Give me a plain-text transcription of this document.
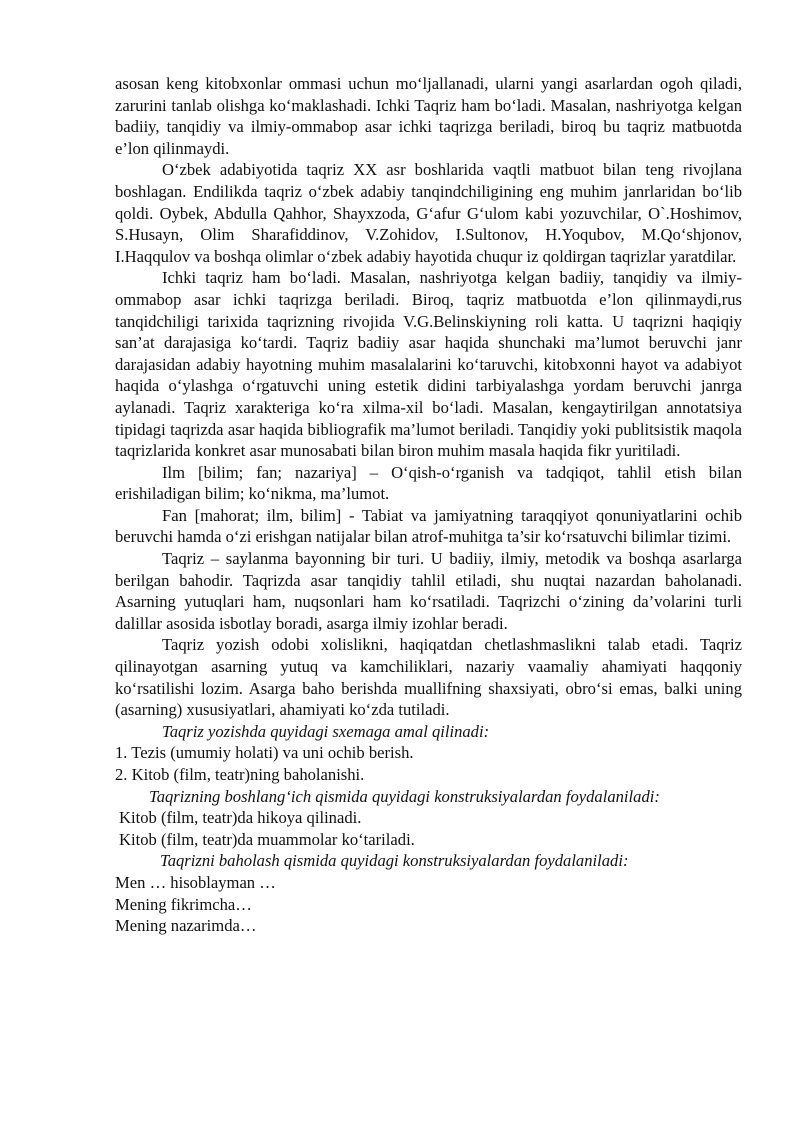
asosan keng kitobxonlar ommasi uchun mo‘ljallanadi, ularni yangi asarlardan ogoh qiladi, zarurini tanlab olishga ko‘maklashadi. Ichki Taqriz ham bo‘ladi. Masalan, nashriyotga kelgan badiiy, tanqidiy va ilmiy-ommabop asar ichki taqrizga beriladi, biroq bu taqriz matbuotda e’lon qilinmaydi.

O‘zbek adabiyotida taqriz XX asr boshlarida vaqtli matbuot bilan teng rivojlana boshlagan. Endilikda taqriz o‘zbek adabiy tanqindchiligining eng muhim janrlaridan bo‘lib qoldi. Oybek, Abdulla Qahhor, Shayxzoda, G‘afur G‘ulom kabi yozuvchilar, O`.Hoshimov, S.Husayn, Olim Sharafiddinov, V.Zohidov, I.Sultonov, H.Yoqubov, M.Qo‘shjonov, I.Haqqulov va boshqa olimlar o‘zbek adabiy hayotida chuqur iz qoldirgan taqrizlar yaratdilar.

Ichki taqriz ham bo‘ladi. Masalan, nashriyotga kelgan badiiy, tanqidiy va ilmiy-ommabop asar ichki taqrizga beriladi. Biroq, taqriz matbuotda e’lon qilinmaydi,rus tanqidchiligi tarixida taqrizning rivojida V.G.Belinskiyning roli katta. U taqrizni haqiqiy san’at darajasiga ko‘tardi. Taqriz badiiy asar haqida shunchaki ma’lumot beruvchi janr darajasidan adabiy hayotning muhim masalalarini ko‘taruvchi, kitobxonni hayot va adabiyot haqida o‘ylashga o‘rgatuvchi uning estetik didini tarbiyalashga yordam beruvchi janrga aylanadi. Taqriz xarakteriga ko‘ra xilma-xil bo‘ladi. Masalan, kengaytirilgan annotatsiya tipidagi taqrizda asar haqida bibliografik ma’lumot beriladi. Tanqidiy yoki publitsistik maqola taqrizlarida konkret asar munosabati bilan biron muhim masala haqida fikr yuritiladi.

Ilm [bilim; fan; nazariya] – O‘qish-o‘rganish va tadqiqot, tahlil etish bilan erishiladigan bilim; ko‘nikma, ma’lumot.

Fan [mahorat; ilm, bilim] - Tabiat va jamiyatning taraqqiyot qonuniyatlarini ochib beruvchi hamda o‘zi erishgan natijalar bilan atrof-muhitga ta’sir ko‘rsatuvchi bilimlar tizimi.

Taqriz – saylanma bayonning bir turi. U badiiy, ilmiy, metodik va boshqa asarlarga berilgan bahodir. Taqrizda asar tanqidiy tahlil etiladi, shu nuqtai nazardan baholanadi. Asarning yutuqlari ham, nuqsonlari ham ko‘rsatiladi. Taqrizchi o‘zining da’volarini turli dalillar asosida isbotlay boradi, asarga ilmiy izohlar beradi.

Taqriz yozish odobi xolislikni, haqiqatdan chetlashmaslikni talab etadi. Taqriz qilinayotgan asarning yutuq va kamchiliklari, nazariy vaamaliy ahamiyati haqqoniy ko‘rsatilishi lozim. Asarga baho berishda muallifning shaxsiyati, obro‘si emas, balki uning (asarning) xususiyatlari, ahamiyati ko‘zda tutiladi.

Taqriz yozishda quyidagi sxemaga amal qilinadi:

1. Tezis (umumiy holati) va uni ochib berish.

2. Kitob (film, teatr)ning baholanishi.

Taqrizning boshlang‘ich qismida quyidagi konstruksiyalardan foydalaniladi:

Kitob (film, teatr)da hikoya qilinadi.

Kitob (film, teatr)da muammolar ko‘tariladi.

Taqrizni baholash qismida quyidagi konstruksiyalardan foydalaniladi:

Men … hisoblayman …

Mening fikrimcha…

Mening nazarimda…
